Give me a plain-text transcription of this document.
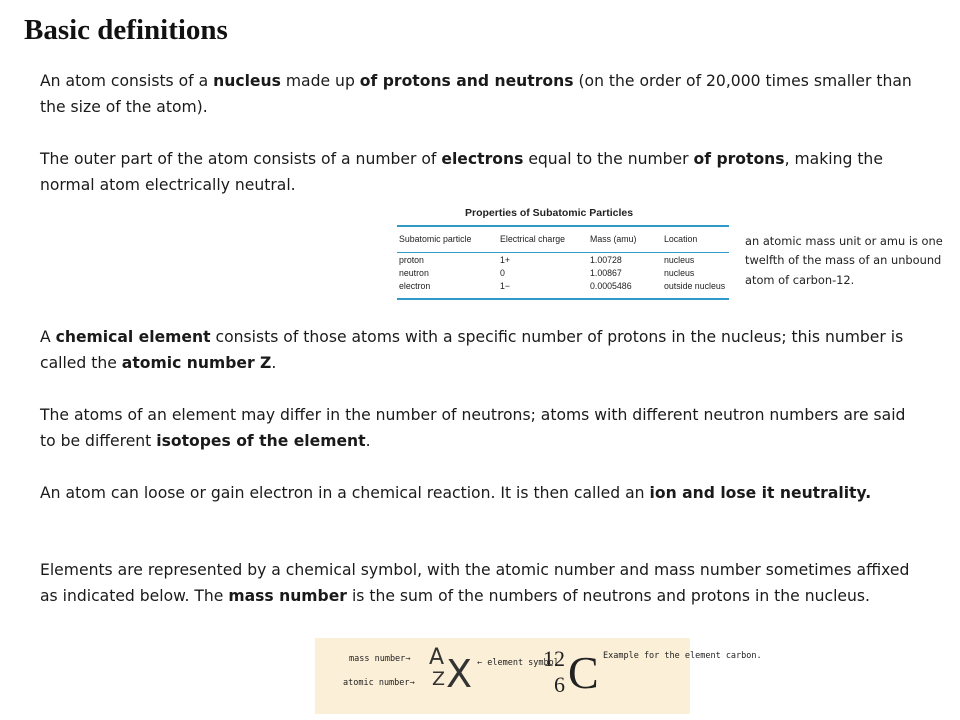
Basic definitions

An atom consists of a nucleus made up of protons and neutrons (on the order of 20,000 times smaller than the size of the atom).

The outer part of the atom consists of a number of electrons equal to the number of protons, making the normal atom electrically neutral.

Properties of Subatomic Particles
Subatomic particle	Electrical charge	Mass (amu)	Location
proton	1+	1.00728	nucleus
neutron	0	1.00867	nucleus
electron	1−	0.0005486	outside nucleus

an atomic mass unit or amu is one twelfth of the mass of an unbound atom of carbon-12.

A chemical element consists of those atoms with a specific number of protons in the nucleus; this number is called the atomic number Z.

The atoms of an element may differ in the number of neutrons; atoms with different neutron numbers are said to be different isotopes of the element.

An atom can loose or gain electron in a chemical reaction. It is then called an ion and lose it neutrality.

Elements are represented by a chemical symbol, with the atomic number and mass number sometimes affixed as indicated below. The mass number is the sum of the numbers of neutrons and protons in the nucleus.

mass number→
atomic number→
A
Z X ← element symbol
12
6 C Example for the element carbon.
